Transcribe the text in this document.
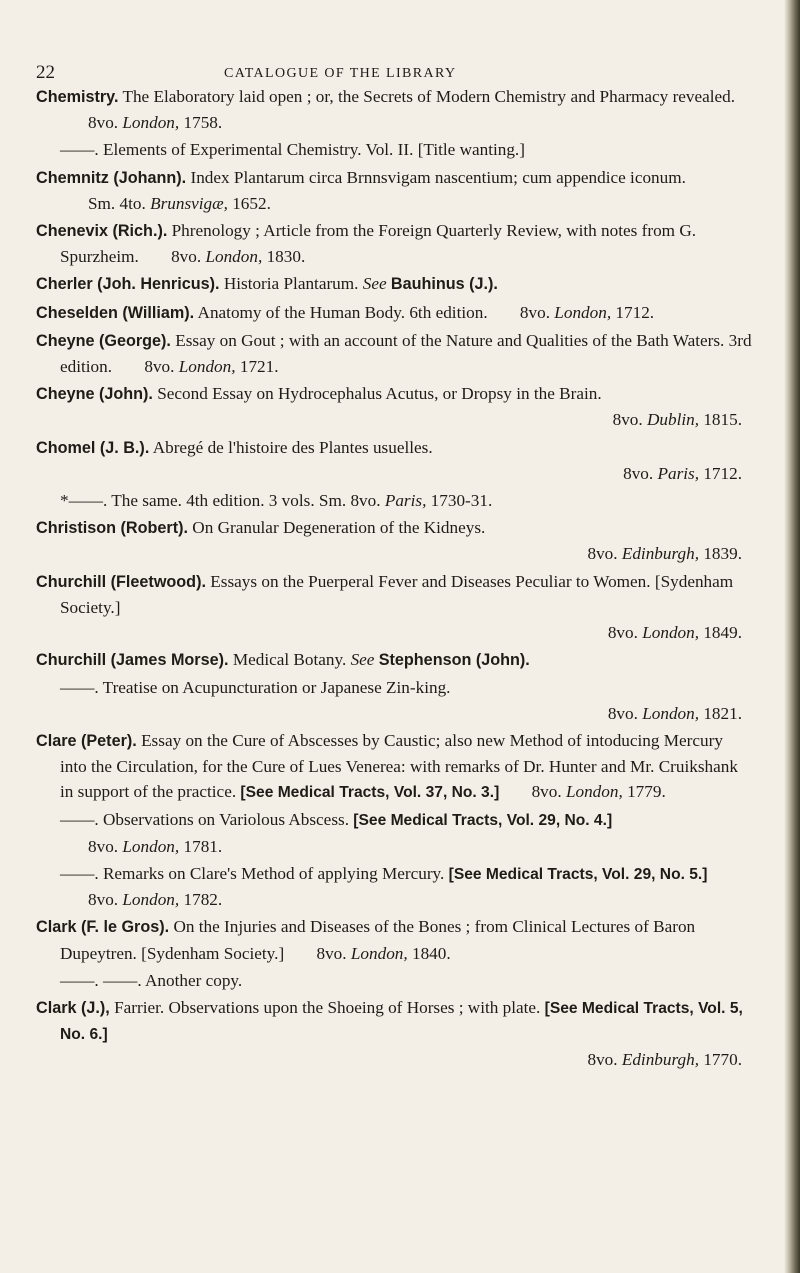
22	CATALOGUE OF THE LIBRARY
Chemistry. The Elaboratory laid open ; or, the Secrets of Modern Chemistry and Pharmacy revealed. 8vo. London, 1758.
——. Elements of Experimental Chemistry. Vol. II. [Title wanting.]
Chemnitz (Johann). Index Plantarum circa Brnnsvigam nascentium; cum appendice iconum. Sm. 4to. Brunsvigæ, 1652.
Chenevix (Rich.). Phrenology ; Article from the Foreign Quarterly Review, with notes from G. Spurzheim. 8vo. London, 1830.
Cherler (Joh. Henricus). Historia Plantarum. See Bauhinus (J.).
Cheselden (William). Anatomy of the Human Body. 6th edition. 8vo. London, 1712.
Cheyne (George). Essay on Gout ; with an account of the Nature and Qualities of the Bath Waters. 3rd edition. 8vo. London, 1721.
Cheyne (John). Second Essay on Hydrocephalus Acutus, or Dropsy in the Brain.
8vo. Dublin, 1815.
Chomel (J. B.). Abregé de l'histoire des Plantes usuelles.
8vo. Paris, 1712.
*——. The same. 4th edition. 3 vols. Sm. 8vo. Paris, 1730-31.
Christison (Robert). On Granular Degeneration of the Kidneys.
8vo. Edinburgh, 1839.
Churchill (Fleetwood). Essays on the Puerperal Fever and Diseases Peculiar to Women. [Sydenham Society.]
8vo. London, 1849.
Churchill (James Morse). Medical Botany. See Stephenson (John).
——. Treatise on Acupuncturation or Japanese Zin-king.
8vo. London, 1821.
Clare (Peter). Essay on the Cure of Abscesses by Caustic; also new Method of intoducing Mercury into the Circulation, for the Cure of Lues Venerea: with remarks of Dr. Hunter and Mr. Cruikshank in support of the practice. [See Medical Tracts, Vol. 37, No. 3.] 8vo. London, 1779.
——. Observations on Variolous Abscess. [See Medical Tracts, Vol. 29, No. 4.] 8vo. London, 1781.
——. Remarks on Clare's Method of applying Mercury. [See Medical Tracts, Vol. 29, No. 5.] 8vo. London, 1782.
Clark (F. le Gros). On the Injuries and Diseases of the Bones ; from Clinical Lectures of Baron Dupeytren. [Sydenham Society.] 8vo. London, 1840.
——. ——. Another copy.
Clark (J.), Farrier. Observations upon the Shoeing of Horses ; with plate. [See Medical Tracts, Vol. 5, No. 6.]
8vo. Edinburgh, 1770.
